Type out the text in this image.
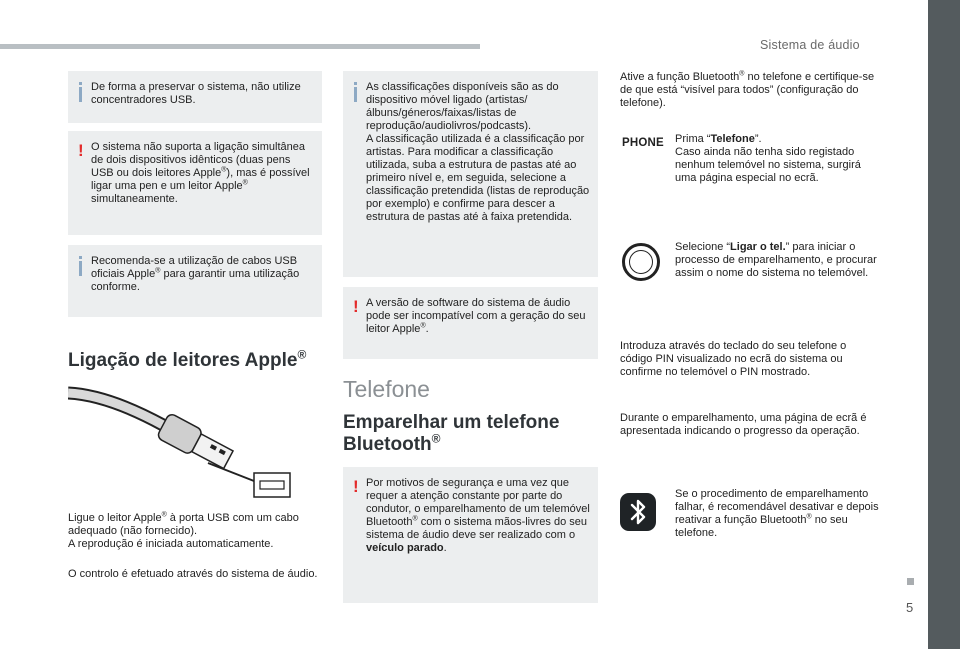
Sistema de áudio
5
De forma a preservar o sistema, não utilize concentradores USB.
! O sistema não suporta a ligação simultânea de dois dispositivos idênticos (duas pens USB ou dois leitores Apple®), mas é possível ligar uma pen e um leitor Apple® simultaneamente.
Recomenda-se a utilização de cabos USB oficiais Apple® para garantir uma utilização conforme.
Ligação de leitores Apple®
Ligue o leitor Apple® à porta USB com um cabo adequado (não fornecido).
A reprodução é iniciada automaticamente.
O controlo é efetuado através do sistema de áudio.
As classificações disponíveis são as do dispositivo móvel ligado (artistas/álbuns/géneros/faixas/listas de reprodução/audiolivros/podcasts).
A classificação utilizada é a classificação por artistas. Para modificar a classificação utilizada, suba a estrutura de pastas até ao primeiro nível e, em seguida, selecione a classificação pretendida (listas de reprodução por exemplo) e confirme para descer a estrutura de pastas até à faixa pretendida.
! A versão de software do sistema de áudio pode ser incompatível com a geração do seu leitor Apple®.
Telefone
Emparelhar um telefone Bluetooth®
! Por motivos de segurança e uma vez que requer a atenção constante por parte do condutor, o emparelhamento de um telemóvel Bluetooth® com o sistema mãos-livres do seu sistema de áudio deve ser realizado com o veículo parado.
Ative a função Bluetooth® no telefone e certifique-se de que está “visível para todos” (configuração do telefone).
PHONE Prima “Telefone”.
Caso ainda não tenha sido registado nenhum telemóvel no sistema, surgirá uma página especial no ecrã.
Selecione “Ligar o tel.” para iniciar o processo de emparelhamento, e procurar assim o nome do sistema no telemóvel.
Introduza através do teclado do seu telefone o código PIN visualizado no ecrã do sistema ou confirme no telemóvel o PIN mostrado.
Durante o emparelhamento, uma página de ecrã é apresentada indicando o progresso da operação.
Se o procedimento de emparelhamento falhar, é recomendável desativar e depois reativar a função Bluetooth® no seu telefone.
